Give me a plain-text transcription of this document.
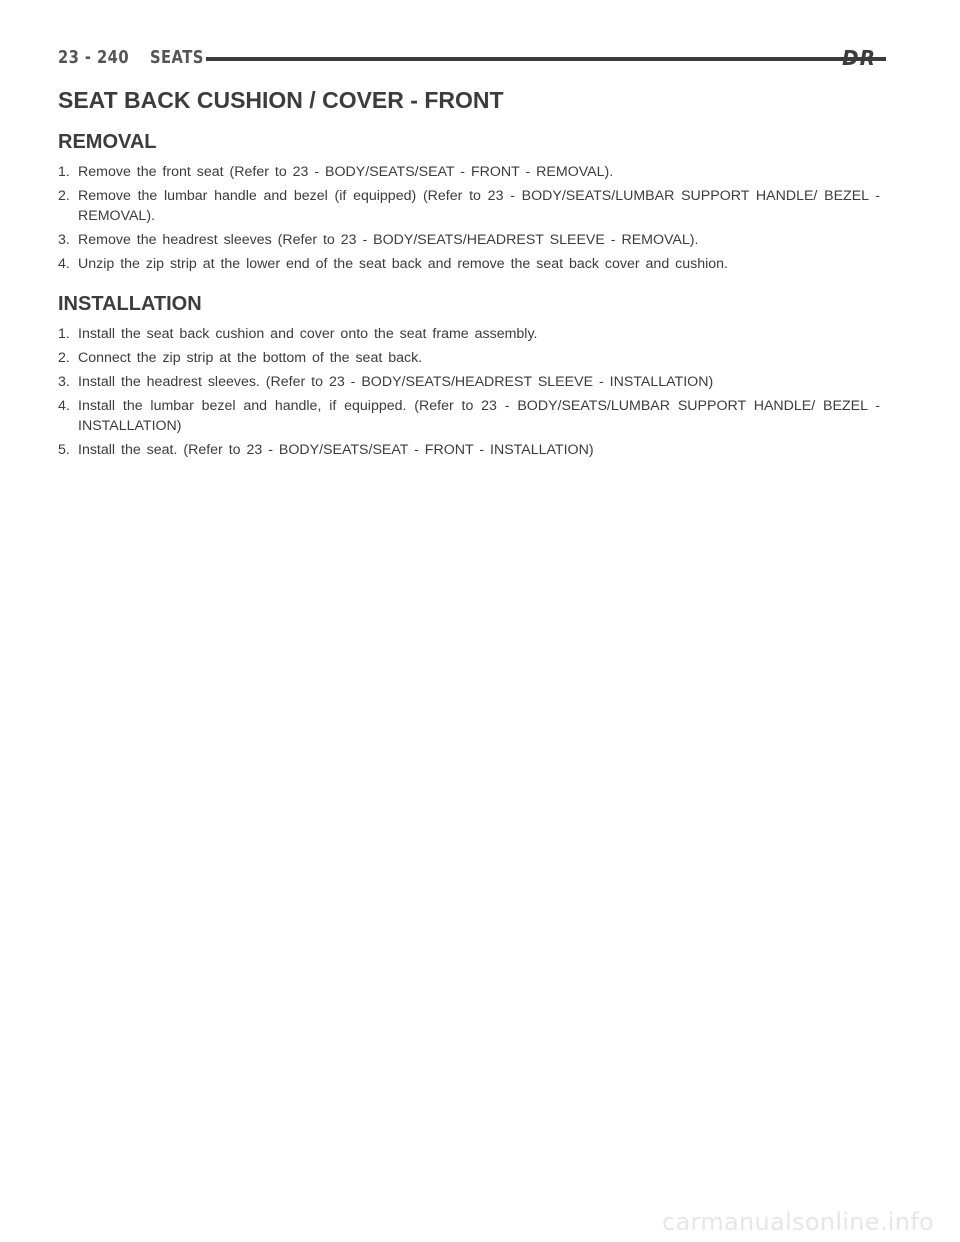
23 - 240 SEATS	DR
SEAT BACK CUSHION / COVER - FRONT
REMOVAL
1. Remove the front seat (Refer to 23 - BODY/SEATS/SEAT - FRONT - REMOVAL).
2. Remove the lumbar handle and bezel (if equipped) (Refer to 23 - BODY/SEATS/LUMBAR SUPPORT HANDLE/ BEZEL - REMOVAL).
3. Remove the headrest sleeves (Refer to 23 - BODY/SEATS/HEADREST SLEEVE - REMOVAL).
4. Unzip the zip strip at the lower end of the seat back and remove the seat back cover and cushion.
INSTALLATION
1. Install the seat back cushion and cover onto the seat frame assembly.
2. Connect the zip strip at the bottom of the seat back.
3. Install the headrest sleeves. (Refer to 23 - BODY/SEATS/HEADREST SLEEVE - INSTALLATION)
4. Install the lumbar bezel and handle, if equipped. (Refer to 23 - BODY/SEATS/LUMBAR SUPPORT HANDLE/ BEZEL - INSTALLATION)
5. Install the seat. (Refer to 23 - BODY/SEATS/SEAT - FRONT - INSTALLATION)
carmanualsonline.info
